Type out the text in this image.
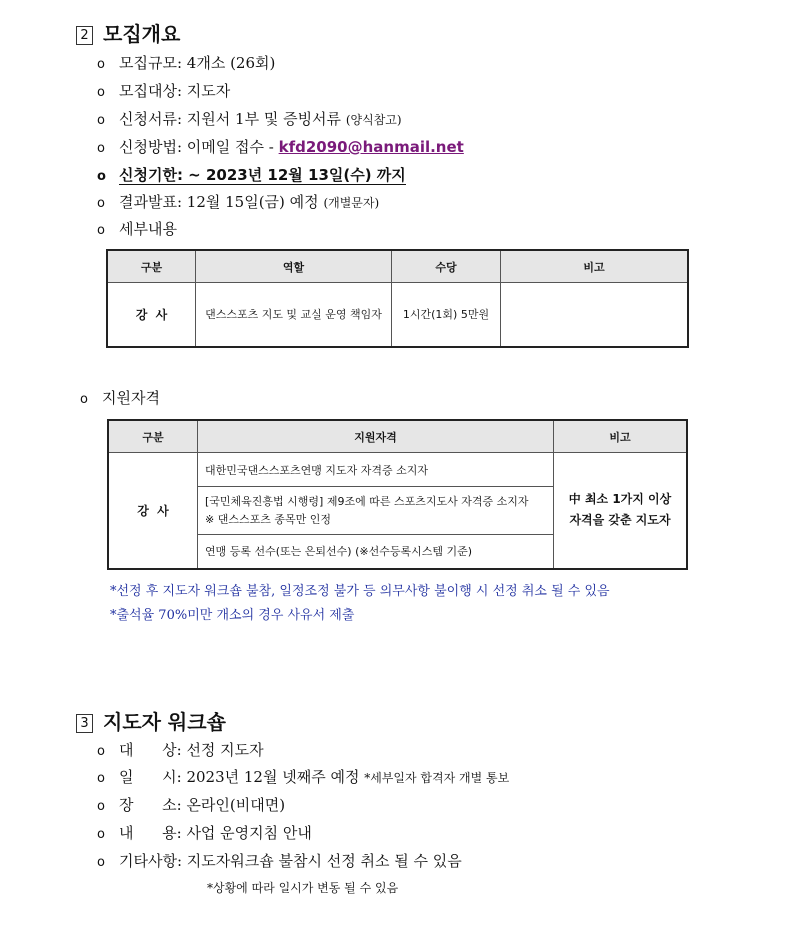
2 모집개요
o 모집규모: 4개소 (26회)
o 모집대상: 지도자
o 신청서류: 지원서 1부 및 증빙서류 (양식참고)
o 신청방법: 이메일 접수 - kfd2090@hanmail.net
o 신청기한: ~ 2023년 12월 13일(수) 까지
o 결과발표: 12월 15일(금) 예정 (개별문자)
o 세부내용
구분	역할	수당	비고
강  사	댄스스포츠 지도 및 교실 운영 책임자	1시간(1회) 5만원	
o 지원자격
구분	지원자격	비고
강  사	대한민국댄스스포츠연맹 지도자 자격증 소지자	中 최소 1가지 이상
자격을 갖춘 지도자

	[국민체육진흥법 시행령] 제9조에 따른 스포츠지도사 자격증 소지자
※ 댄스스포츠 종목만 인정	

	연맹 등록 선수(또는 은퇴선수) (※선수등록시스템 기준)	
*선정 후 지도자 워크숍 불참, 일정조정 불가 등 의무사항 불이행 시 선정 취소 될 수 있음
*출석율 70%미만 개소의 경우 사유서 제출
3 지도자 워크숍
o 대      상: 선정 지도자
o 일      시: 2023년 12월 넷째주 예정 *세부일자 합격자 개별 통보
o 장      소: 온라인(비대면)
o 내      용: 사업 운영지침 안내
o 기타사항: 지도자워크숍 불참시 선정 취소 될 수 있음
*상황에 따라 일시가 변동 될 수 있음
